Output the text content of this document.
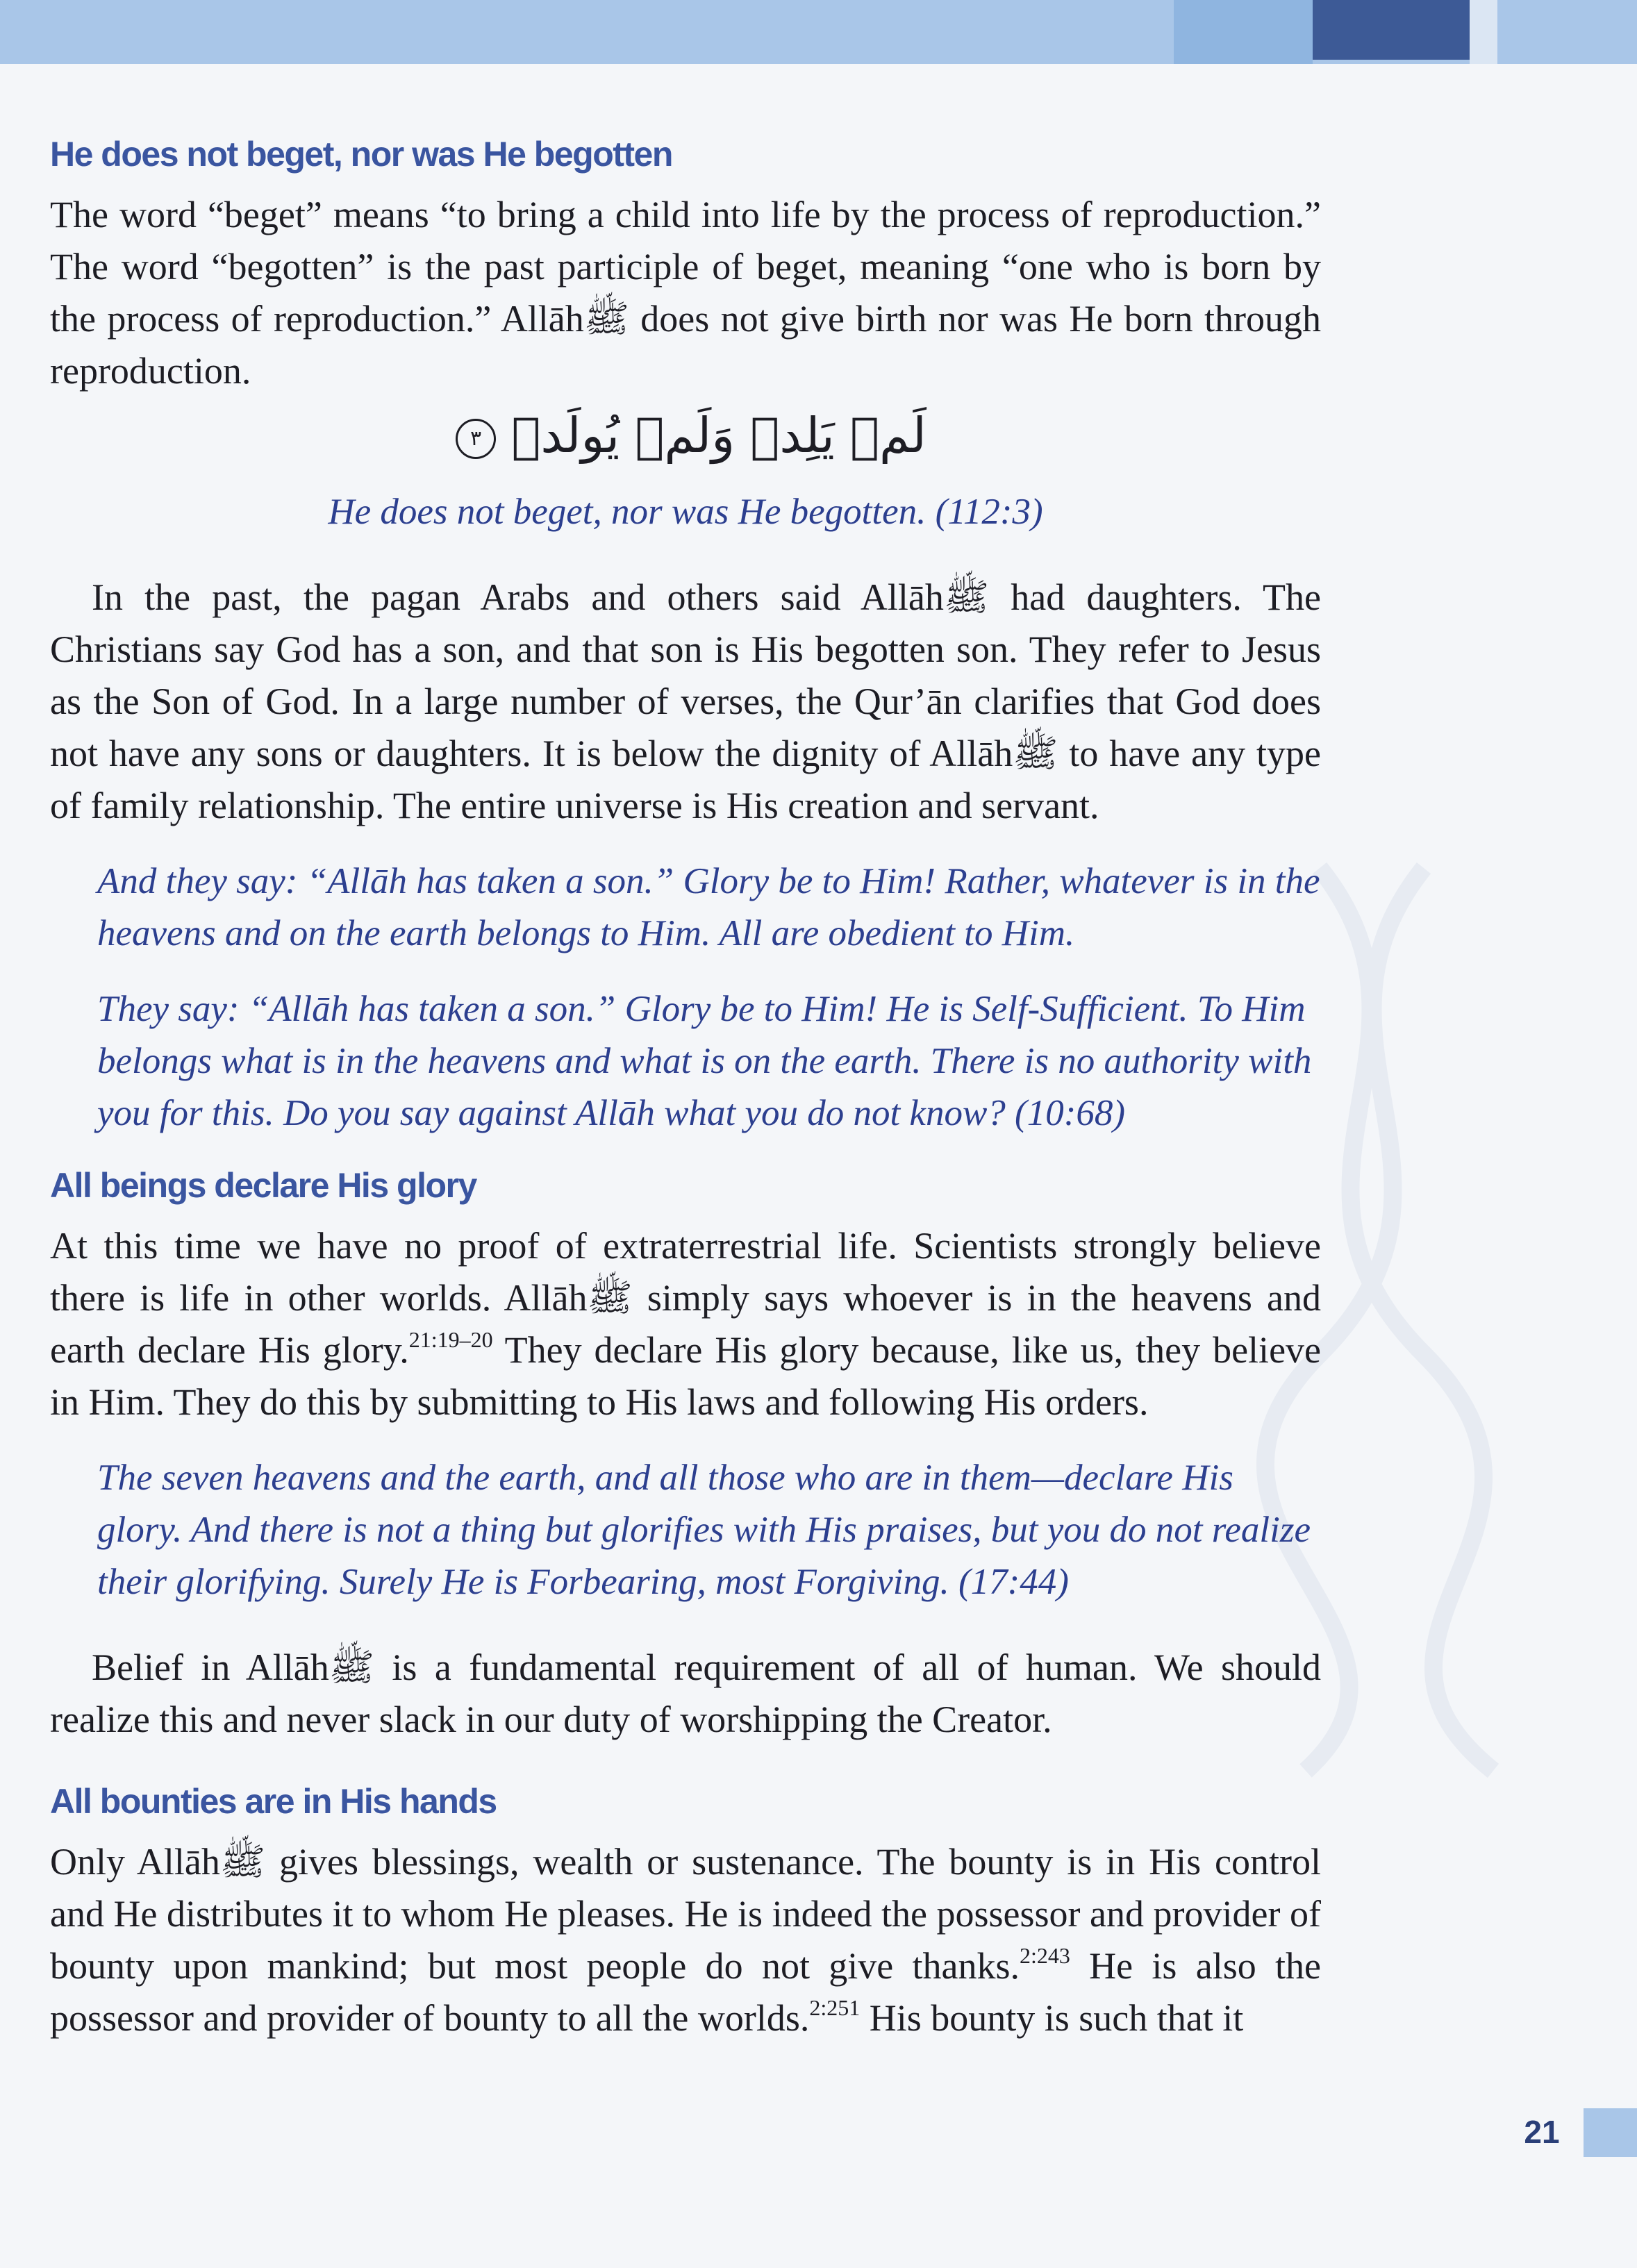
He does not beget, nor was He begotten

The word “beget” means “to bring a child into life by the process of reproduction.” The word “begotten” is the past participle of beget, meaning “one who is born by the process of reproduction.” Allāhﷺ does not give birth nor was He born through reproduction.

لَمۡ يَلِدۡ وَلَمۡ يُولَدۡ ٣

He does not beget, nor was He begotten. (112:3)

In the past, the pagan Arabs and others said Allāhﷺ had daughters. The Christians say God has a son, and that son is His begotten son. They refer to Jesus as the Son of God. In a large number of verses, the Qur’ān clarifies that God does not have any sons or daughters. It is below the dignity of Allāhﷺ to have any type of family relationship. The entire universe is His creation and servant.

And they say: “Allāh has taken a son.” Glory be to Him! Rather, whatever is in the heavens and on the earth belongs to Him. All are obedient to Him.

They say: “Allāh has taken a son.” Glory be to Him! He is Self-Sufficient. To Him belongs what is in the heavens and what is on the earth. There is no authority with you for this. Do you say against Allāh what you do not know? (10:68)

All beings declare His glory

At this time we have no proof of extraterrestrial life. Scientists strongly believe there is life in other worlds. Allāhﷺ simply says whoever is in the heavens and earth declare His glory.$^{21:19-20}$ They declare His glory because, like us, they believe in Him. They do this by submitting to His laws and following His orders.

The seven heavens and the earth, and all those who are in them—declare His glory. And there is not a thing but glorifies with His praises, but you do not realize their glorifying. Surely He is Forbearing, most Forgiving. (17:44)

Belief in Allāhﷺ is a fundamental requirement of all of human. We should realize this and never slack in our duty of worshipping the Creator.

All bounties are in His hands

Only Allāhﷺ gives blessings, wealth or sustenance. The bounty is in His control and He distributes it to whom He pleases. He is indeed the possessor and provider of bounty upon mankind; but most people do not give thanks.$^{2:243}$ He is also the possessor and provider of bounty to all the worlds.$^{2:251}$ His bounty is such that it

21
